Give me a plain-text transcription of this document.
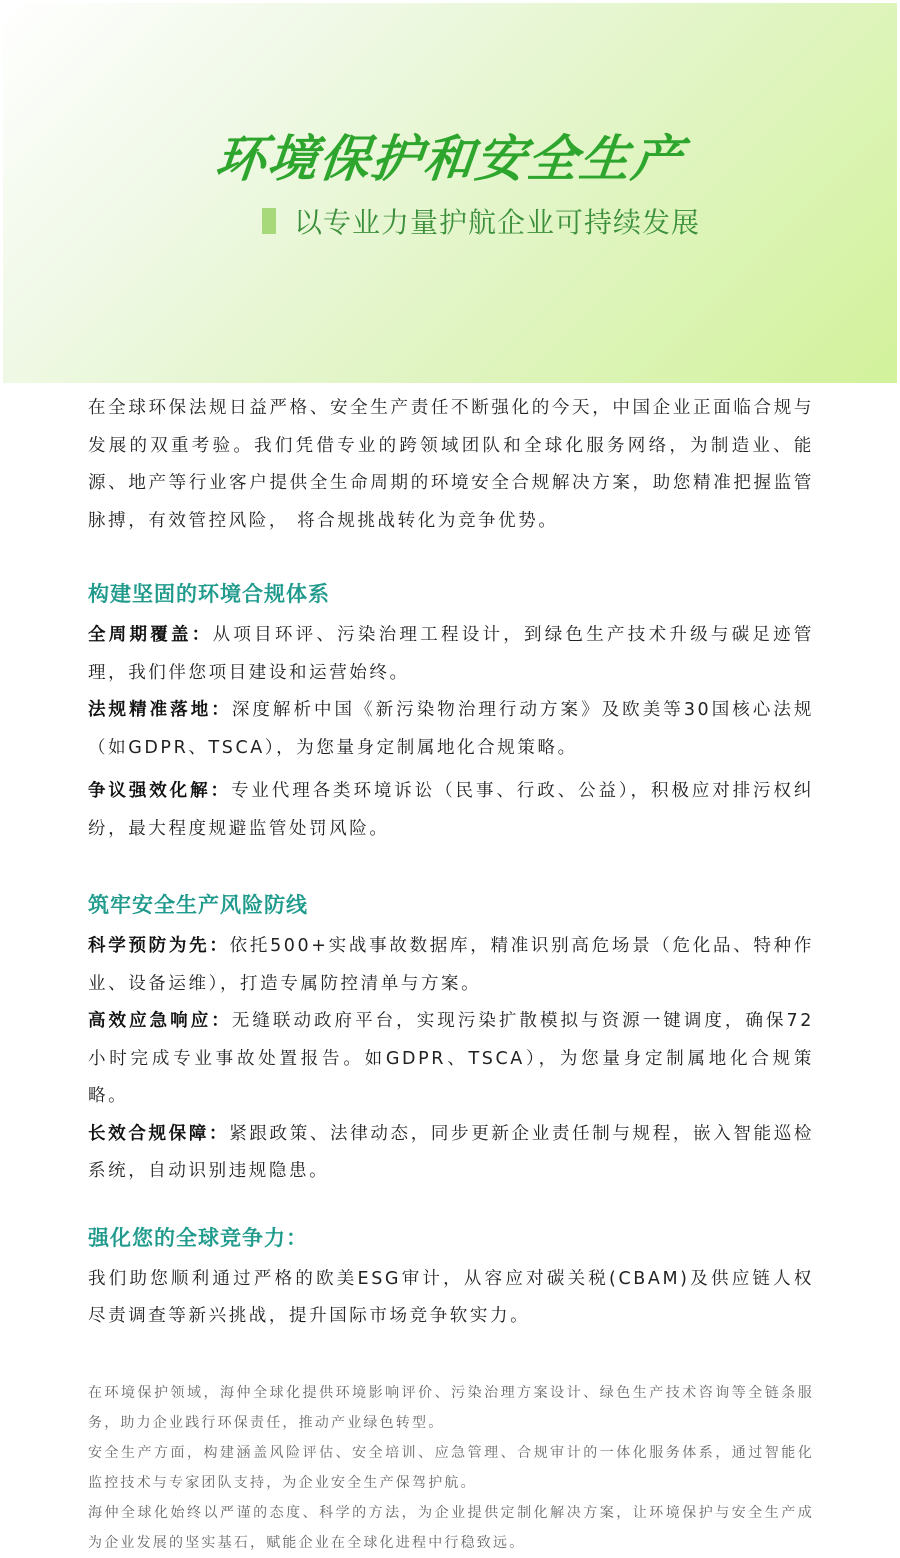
环境保护和安全生产
以专业力量护航企业可持续发展

在全球环保法规日益严格、安全生产责任不断强化的今天，中国企业正面临合规与发展的双重考验。我们凭借专业的跨领域团队和全球化服务网络，为制造业、能源、地产等行业客户提供全生命周期的环境安全合规解决方案，助您精准把握监管脉搏，有效管控风险， 将合规挑战转化为竞争优势。

构建坚固的环境合规体系

全周期覆盖：从项目环评、污染治理工程设计，到绿色生产技术升级与碳足迹管理，我们伴您项目建设和运营始终。

法规精准落地：深度解析中国《新污染物治理行动方案》及欧美等30国核心法规（如GDPR、TSCA），为您量身定制属地化合规策略。

争议强效化解：专业代理各类环境诉讼（民事、行政、公益），积极应对排污权纠纷，最大程度规避监管处罚风险。

筑牢安全生产风险防线

科学预防为先：依托500+实战事故数据库，精准识别高危场景（危化品、特种作业、设备运维），打造专属防控清单与方案。

高效应急响应：无缝联动政府平台，实现污染扩散模拟与资源一键调度，确保72小时完成专业事故处置报告。如GDPR、TSCA），为您量身定制属地化合规策略。

长效合规保障：紧跟政策、法律动态，同步更新企业责任制与规程，嵌入智能巡检系统，自动识别违规隐患。

强化您的全球竞争力：

我们助您顺利通过严格的欧美ESG审计，从容应对碳关税(CBAM)及供应链人权尽责调查等新兴挑战，提升国际市场竞争软实力。

在环境保护领域，海仲全球化提供环境影响评价、污染治理方案设计、绿色生产技术咨询等全链条服务，助力企业践行环保责任，推动产业绿色转型。

安全生产方面，构建涵盖风险评估、安全培训、应急管理、合规审计的一体化服务体系，通过智能化监控技术与专家团队支持，为企业安全生产保驾护航。

海仲全球化始终以严谨的态度、科学的方法，为企业提供定制化解决方案，让环境保护与安全生产成为企业发展的坚实基石，赋能企业在全球化进程中行稳致远。
